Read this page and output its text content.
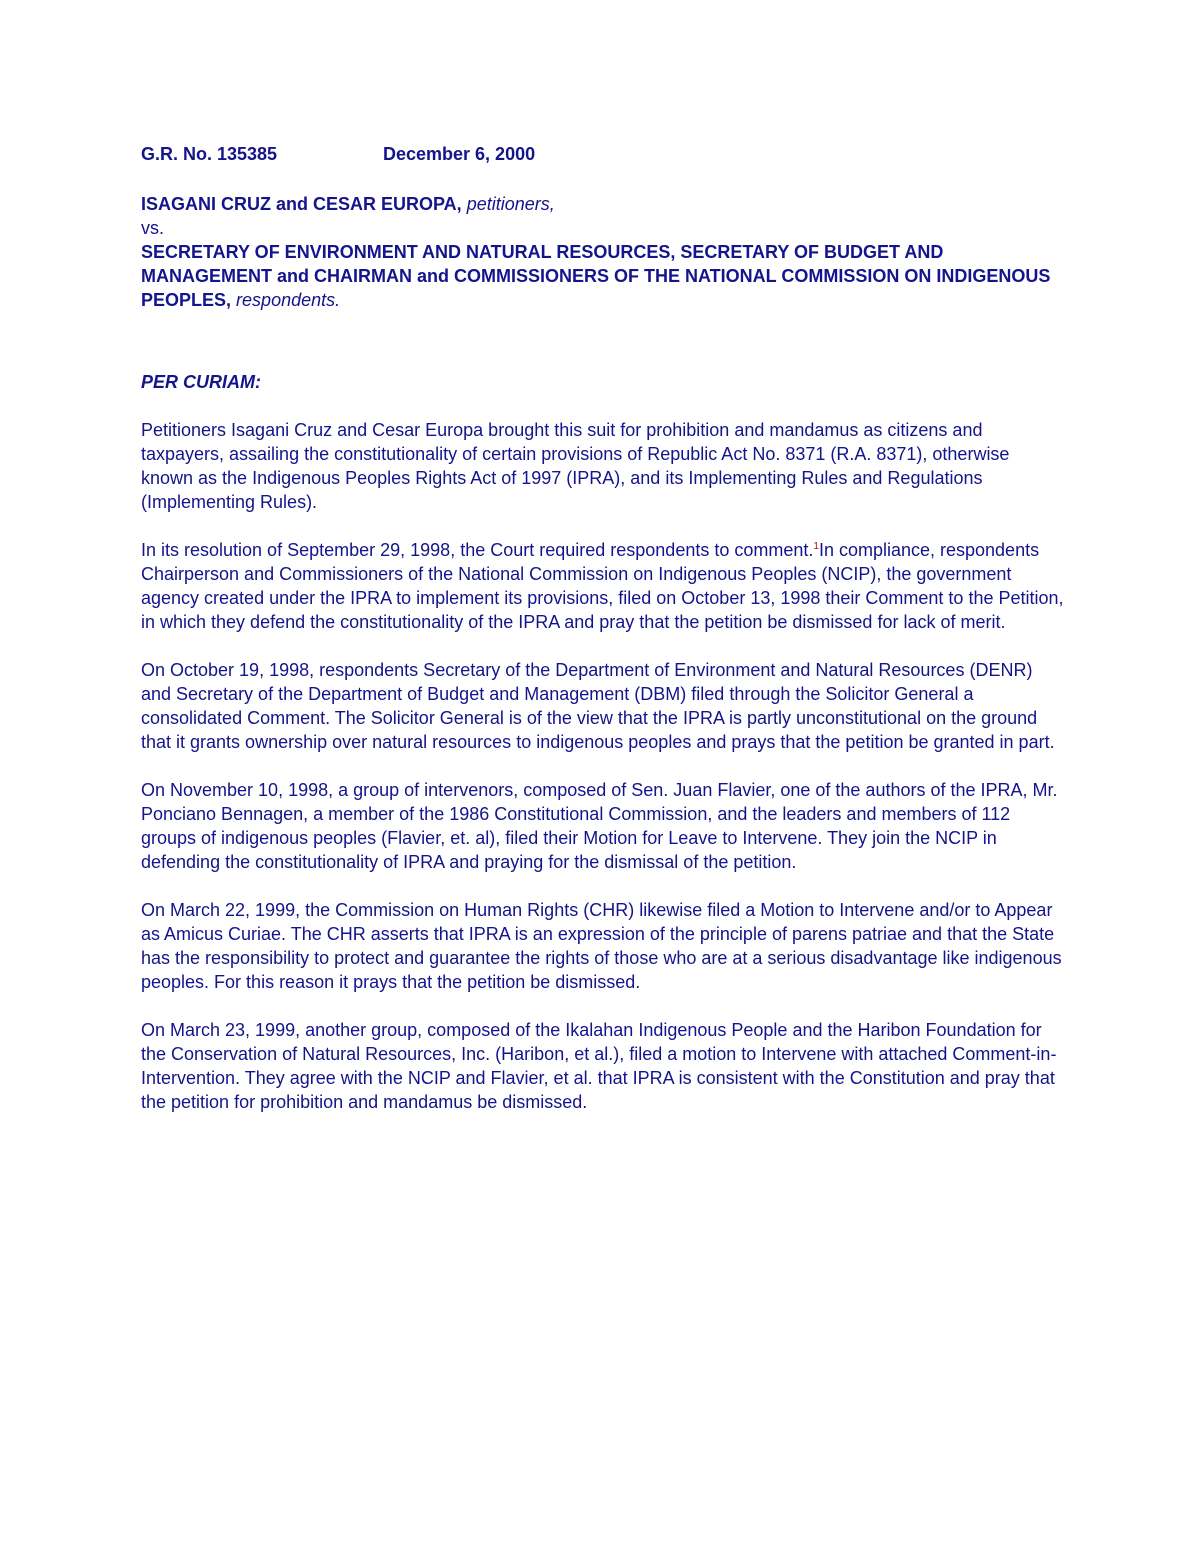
G.R. No. 135385	December 6, 2000

ISAGANI CRUZ and CESAR EUROPA, petitioners,
vs.
SECRETARY OF ENVIRONMENT AND NATURAL RESOURCES, SECRETARY OF BUDGET AND MANAGEMENT and CHAIRMAN and COMMISSIONERS OF THE NATIONAL COMMISSION ON INDIGENOUS PEOPLES, respondents.
PER CURIAM:

Petitioners Isagani Cruz and Cesar Europa brought this suit for prohibition and mandamus as citizens and taxpayers, assailing the constitutionality of certain provisions of Republic Act No. 8371 (R.A. 8371), otherwise known as the Indigenous Peoples Rights Act of 1997 (IPRA), and its Implementing Rules and Regulations (Implementing Rules).

In its resolution of September 29, 1998, the Court required respondents to comment.$^1$In compliance, respondents Chairperson and Commissioners of the National Commission on Indigenous Peoples (NCIP), the government agency created under the IPRA to implement its provisions, filed on October 13, 1998 their Comment to the Petition, in which they defend the constitutionality of the IPRA and pray that the petition be dismissed for lack of merit.

On October 19, 1998, respondents Secretary of the Department of Environment and Natural Resources (DENR) and Secretary of the Department of Budget and Management (DBM) filed through the Solicitor General a consolidated Comment. The Solicitor General is of the view that the IPRA is partly unconstitutional on the ground that it grants ownership over natural resources to indigenous peoples and prays that the petition be granted in part.

On November 10, 1998, a group of intervenors, composed of Sen. Juan Flavier, one of the authors of the IPRA, Mr. Ponciano Bennagen, a member of the 1986 Constitutional Commission, and the leaders and members of 112 groups of indigenous peoples (Flavier, et. al), filed their Motion for Leave to Intervene. They join the NCIP in defending the constitutionality of IPRA and praying for the dismissal of the petition.

On March 22, 1999, the Commission on Human Rights (CHR) likewise filed a Motion to Intervene and/or to Appear as Amicus Curiae. The CHR asserts that IPRA is an expression of the principle of parens patriae and that the State has the responsibility to protect and guarantee the rights of those who are at a serious disadvantage like indigenous peoples. For this reason it prays that the petition be dismissed.

On March 23, 1999, another group, composed of the Ikalahan Indigenous People and the Haribon Foundation for the Conservation of Natural Resources, Inc. (Haribon, et al.), filed a motion to Intervene with attached Comment-in-Intervention. They agree with the NCIP and Flavier, et al. that IPRA is consistent with the Constitution and pray that the petition for prohibition and mandamus be dismissed.
